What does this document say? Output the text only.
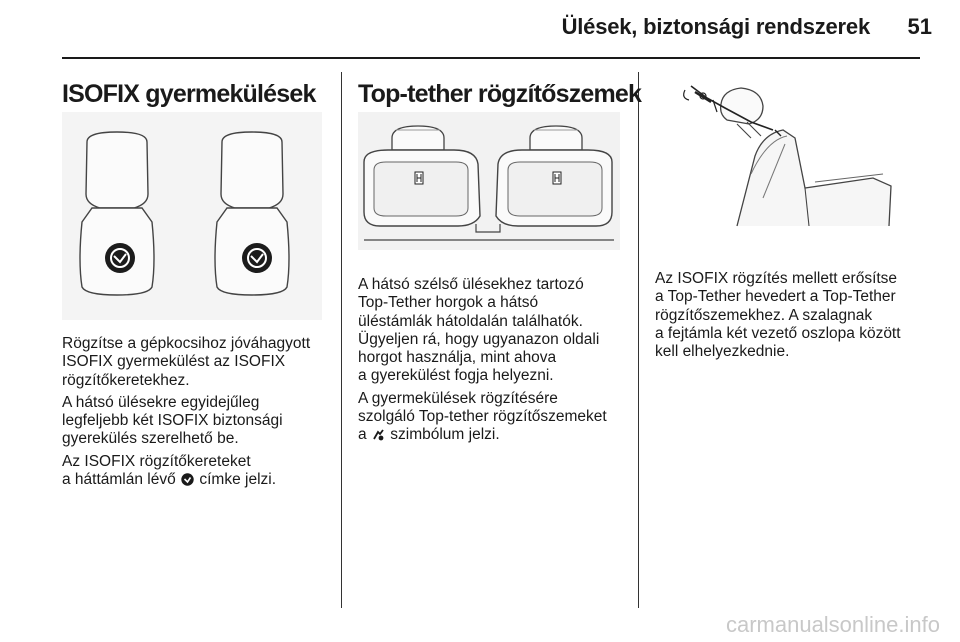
Ülések, biztonsági rendszerek	51
ISOFIX gyermekülések

Rögzítse a gépkocsihoz jóváhagyott
ISOFIX gyermekülést az ISOFIX
rögzítőkeretekhez.

A hátsó ülésekre egyidejűleg
legfeljebb két ISOFIX biztonsági
gyerekülés szerelhető be.

Az ISOFIX rögzítőkereteket
a háttámlán lévő címke jelzi.

Top-tether rögzítőszemek

A hátsó szélső ülésekhez tartozó
Top-Tether horgok a hátsó
üléstámlák hátoldalán találhatók.
Ügyeljen rá, hogy ugyanazon oldali
horgot használja, mint ahova
a gyerekülést fogja helyezni.

A gyermekülések rögzítésére
szolgáló Top-tether rögzítőszemeket
a szimbólum jelzi.

Az ISOFIX rögzítés mellett erősítse
a Top-Tether hevedert a Top-Tether
rögzítőszemekhez. A szalagnak
a fejtámla két vezető oszlopa között
kell elhelyezkednie.

carmanualsonline.info
